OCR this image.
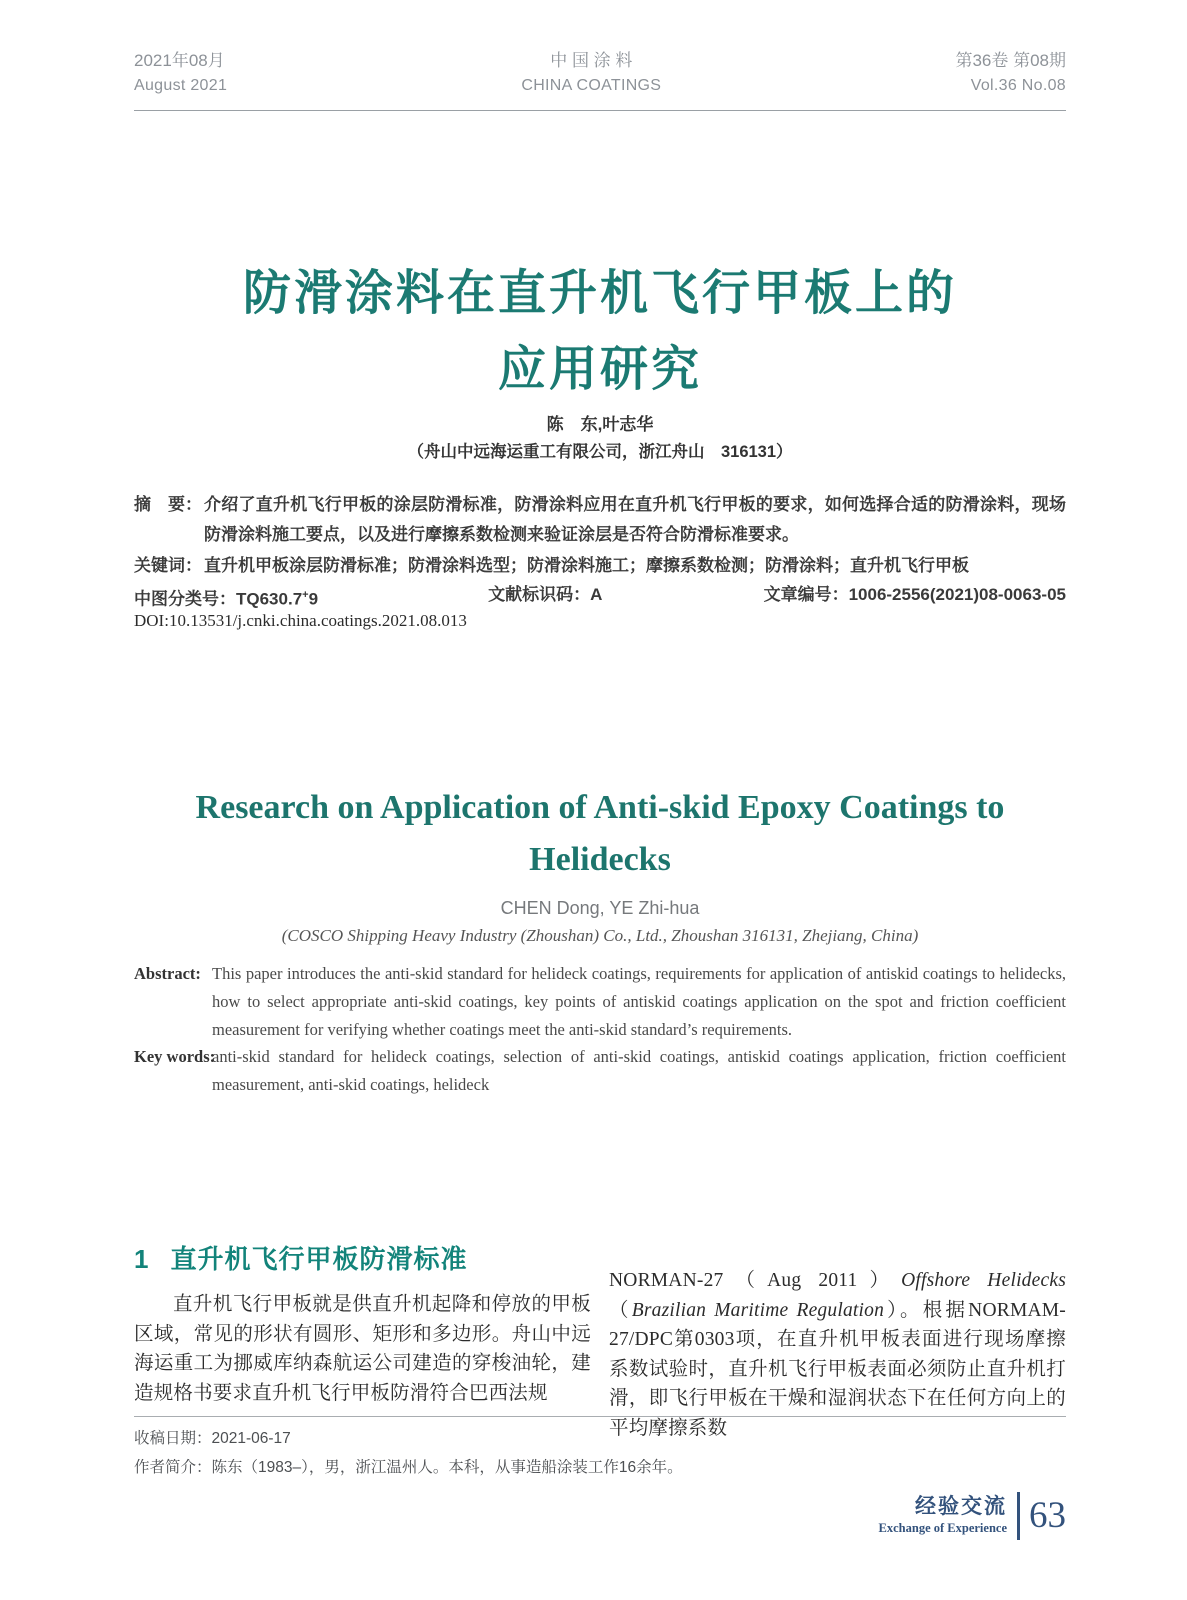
2021年08月
August 2021
中 国 涂 料
CHINA COATINGS
第36卷 第08期
Vol.36 No.08
防滑涂料在直升机飞行甲板上的
应用研究
陈　东,叶志华
（舟山中远海运重工有限公司，浙江舟山　316131）
摘　要： 介绍了直升机飞行甲板的涂层防滑标准，防滑涂料应用在直升机飞行甲板的要求，如何选择合适的防滑涂料，现场防滑涂料施工要点，以及进行摩擦系数检测来验证涂层是否符合防滑标准要求。
关键词： 直升机甲板涂层防滑标准；防滑涂料选型；防滑涂料施工；摩擦系数检测；防滑涂料；直升机飞行甲板
中图分类号：TQ630.7+9	文献标识码：A	文章编号：1006-2556(2021)08-0063-05
DOI:10.13531/j.cnki.china.coatings.2021.08.013
Research on Application of Anti-skid Epoxy Coatings to
Helidecks
CHEN Dong, YE Zhi-hua
(COSCO Shipping Heavy Industry (Zhoushan) Co., Ltd., Zhoushan 316131, Zhejiang, China)
Abstract: This paper introduces the anti-skid standard for helideck coatings, requirements for application of antiskid coatings to helidecks, how to select appropriate anti-skid coatings, key points of antiskid coatings application on the spot and friction coefficient measurement for verifying whether coatings meet the anti-skid standard’s requirements.
Key words:
anti-skid standard for helideck coatings, selection of anti-skid coatings, antiskid coatings application, friction coefficient measurement, anti-skid coatings, helideck
1 直升机飞行甲板防滑标准
直升机飞行甲板就是供直升机起降和停放的甲板区域，常见的形状有圆形、矩形和多边形。舟山中远海运重工为挪威库纳森航运公司建造的穿梭油轮，建造规格书要求直升机飞行甲板防滑符合巴西法规
NORMAN-27（Aug 2011）Offshore Helidecks（Brazilian Maritime Regulation）。根据NORMAM-27/DPC第0303项，在直升机甲板表面进行现场摩擦系数试验时，直升机飞行甲板表面必须防止直升机打滑，即飞行甲板在干燥和湿润状态下在任何方向上的平均摩擦系数
收稿日期：2021-06-17
作者简介：陈东（1983–），男，浙江温州人。本科，从事造船涂装工作16余年。
经验交流
Exchange of Experience 63
